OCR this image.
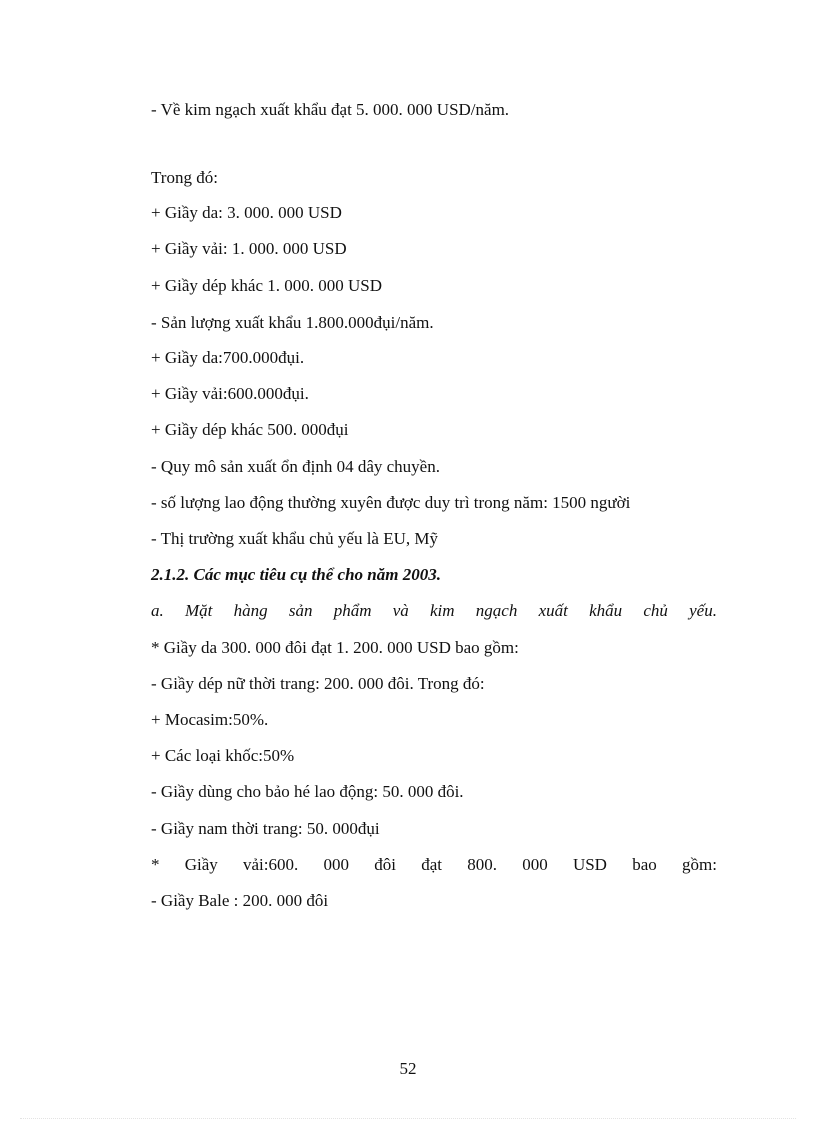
- Về kim ngạch xuất khẩu đạt 5. 000. 000 USD/năm.
Trong đó:
+ Giầy da: 3. 000. 000 USD
+ Giầy vải: 1. 000. 000 USD
+ Giầy dép khác 1. 000. 000 USD
- Sản lượng xuất khẩu 1.800.000đụi/năm.
+ Giầy da:700.000đụi.
+ Giầy vải:600.000đụi.
+ Giầy dép khác 500. 000đụi
- Quy mô sản xuất ổn định 04 dây chuyền.
- số lượng lao động thường xuyên được duy trì trong năm: 1500 người
- Thị trường xuất khẩu chủ yếu là EU, Mỹ
2.1.2. Các mục tiêu cụ thể cho năm 2003.
a. Mặt hàng sản phẩm và kim ngạch xuất khẩu chủ yếu.
* Giầy da 300. 000 đôi đạt 1. 200. 000 USD bao gồm:
- Giầy dép nữ thời trang: 200. 000 đôi. Trong đó:
+ Mocasim:50%.
+ Các loại khốc:50%
- Giầy dùng cho bảo hé lao động: 50. 000 đôi.
- Giầy nam thời trang: 50. 000đụi
* Giầy vải:600. 000 đôi đạt 800. 000 USD bao gồm:
- Giầy Bale : 200. 000 đôi
52
